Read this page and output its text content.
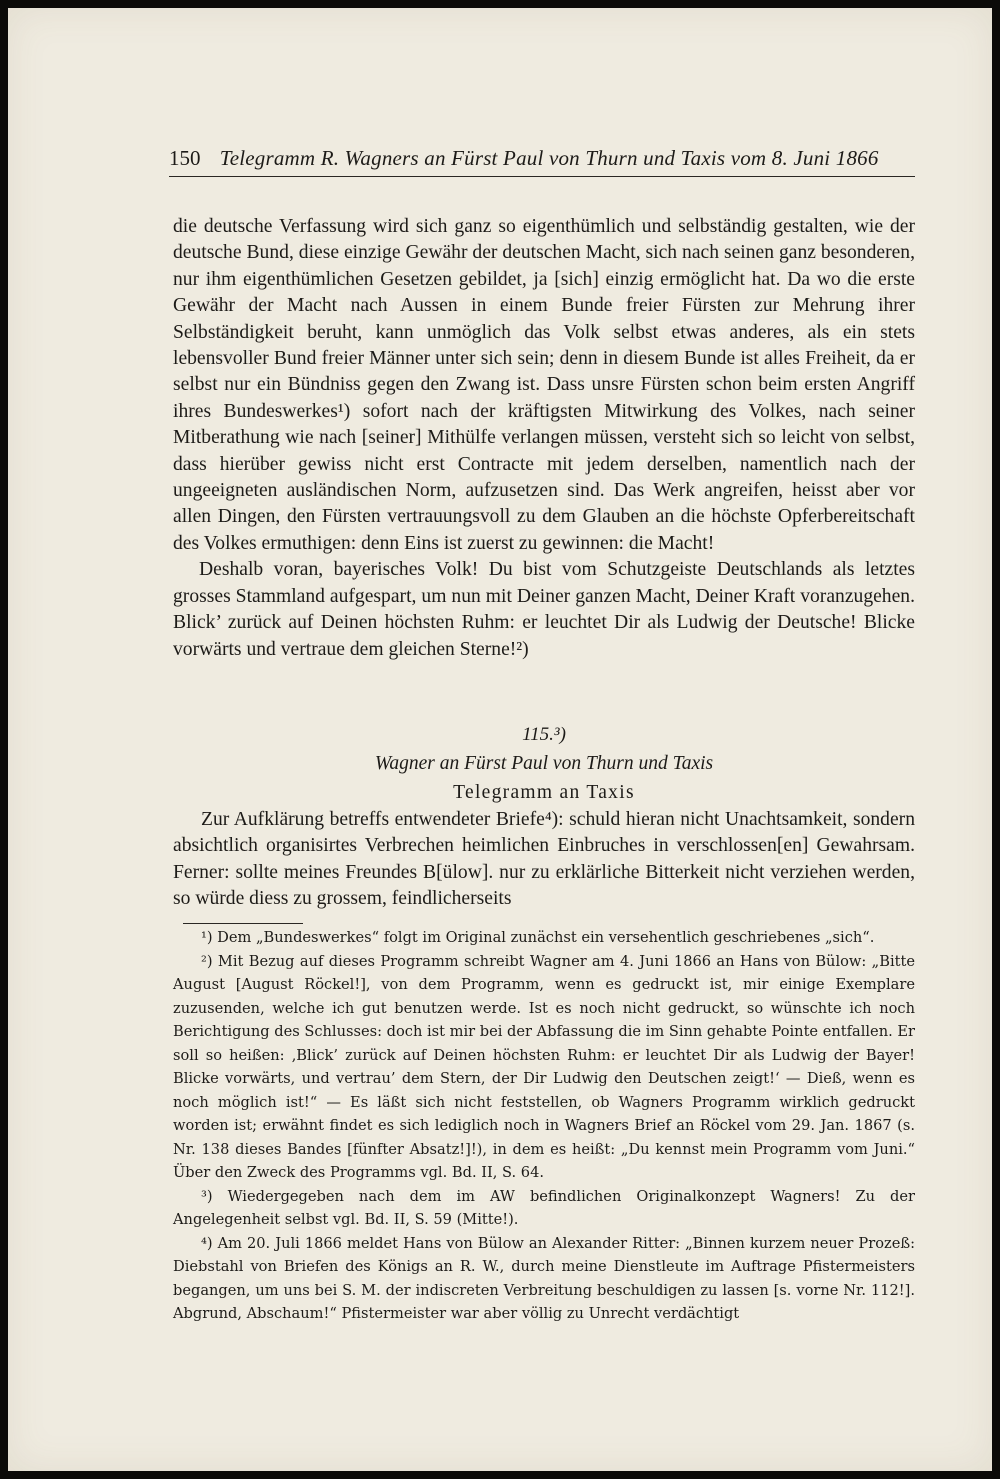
150 Telegramm R. Wagners an Fürst Paul von Thurn und Taxis vom 8. Juni 1866

die deutsche Verfassung wird sich ganz so eigenthümlich und selbständig gestalten, wie der deutsche Bund, diese einzige Gewähr der deutschen Macht, sich nach seinen ganz besonderen, nur ihm eigenthümlichen Gesetzen gebildet, ja [sich] einzig ermöglicht hat. Da wo die erste Gewähr der Macht nach Aussen in einem Bunde freier Fürsten zur Mehrung ihrer Selbständigkeit beruht, kann unmöglich das Volk selbst etwas anderes, als ein stets lebensvoller Bund freier Männer unter sich sein; denn in diesem Bunde ist alles Freiheit, da er selbst nur ein Bündniss gegen den Zwang ist. Dass unsre Fürsten schon beim ersten Angriff ihres Bundeswerkes¹) sofort nach der kräftigsten Mitwirkung des Volkes, nach seiner Mitberathung wie nach [seiner] Mithülfe verlangen müssen, versteht sich so leicht von selbst, dass hierüber gewiss nicht erst Contracte mit jedem derselben, namentlich nach der ungeeigneten ausländischen Norm, aufzusetzen sind. Das Werk angreifen, heisst aber vor allen Dingen, den Fürsten vertrauungsvoll zu dem Glauben an die höchste Opferbereitschaft des Volkes ermuthigen: denn Eins ist zuerst zu gewinnen: die Macht!

Deshalb voran, bayerisches Volk! Du bist vom Schutzgeiste Deutschlands als letztes grosses Stammland aufgespart, um nun mit Deiner ganzen Macht, Deiner Kraft voranzugehen. Blick’ zurück auf Deinen höchsten Ruhm: er leuchtet Dir als Ludwig der Deutsche! Blicke vorwärts und vertraue dem gleichen Sterne!²)

115.³)
Wagner an Fürst Paul von Thurn und Taxis
Telegramm an Taxis

Zur Aufklärung betreffs entwendeter Briefe⁴): schuld hieran nicht Unachtsamkeit, sondern absichtlich organisirtes Verbrechen heimlichen Einbruches in verschlossen[en] Gewahrsam. Ferner: sollte meines Freundes B[ülow]. nur zu erklärliche Bitterkeit nicht verziehen werden, so würde diess zu grossem, feindlicherseits

¹) Dem „Bundeswerkes“ folgt im Original zunächst ein versehentlich geschriebenes „sich“.

²) Mit Bezug auf dieses Programm schreibt Wagner am 4. Juni 1866 an Hans von Bülow: „Bitte August [August Röckel!], von dem Programm, wenn es gedruckt ist, mir einige Exemplare zuzusenden, welche ich gut benutzen werde. Ist es noch nicht gedruckt, so wünschte ich noch Berichtigung des Schlusses: doch ist mir bei der Abfassung die im Sinn gehabte Pointe entfallen. Er soll so heißen: ‚Blick’ zurück auf Deinen höchsten Ruhm: er leuchtet Dir als Ludwig der Bayer! Blicke vorwärts, und vertrau’ dem Stern, der Dir Ludwig den Deutschen zeigt!‘ — Dieß, wenn es noch möglich ist!“ — Es läßt sich nicht feststellen, ob Wagners Programm wirklich gedruckt worden ist; erwähnt findet es sich lediglich noch in Wagners Brief an Röckel vom 29. Jan. 1867 (s. Nr. 138 dieses Bandes [fünfter Absatz!]!), in dem es heißt: „Du kennst mein Programm vom Juni.“ Über den Zweck des Programms vgl. Bd. II, S. 64.

³) Wiedergegeben nach dem im AW befindlichen Originalkonzept Wagners! Zu der Angelegenheit selbst vgl. Bd. II, S. 59 (Mitte!).

⁴) Am 20. Juli 1866 meldet Hans von Bülow an Alexander Ritter: „Binnen kurzem neuer Prozeß: Diebstahl von Briefen des Königs an R. W., durch meine Dienstleute im Auftrage Pfistermeisters begangen, um uns bei S. M. der indiscreten Verbreitung beschuldigen zu lassen [s. vorne Nr. 112!]. Abgrund, Abschaum!“ Pfistermeister war aber völlig zu Unrecht verdächtigt
